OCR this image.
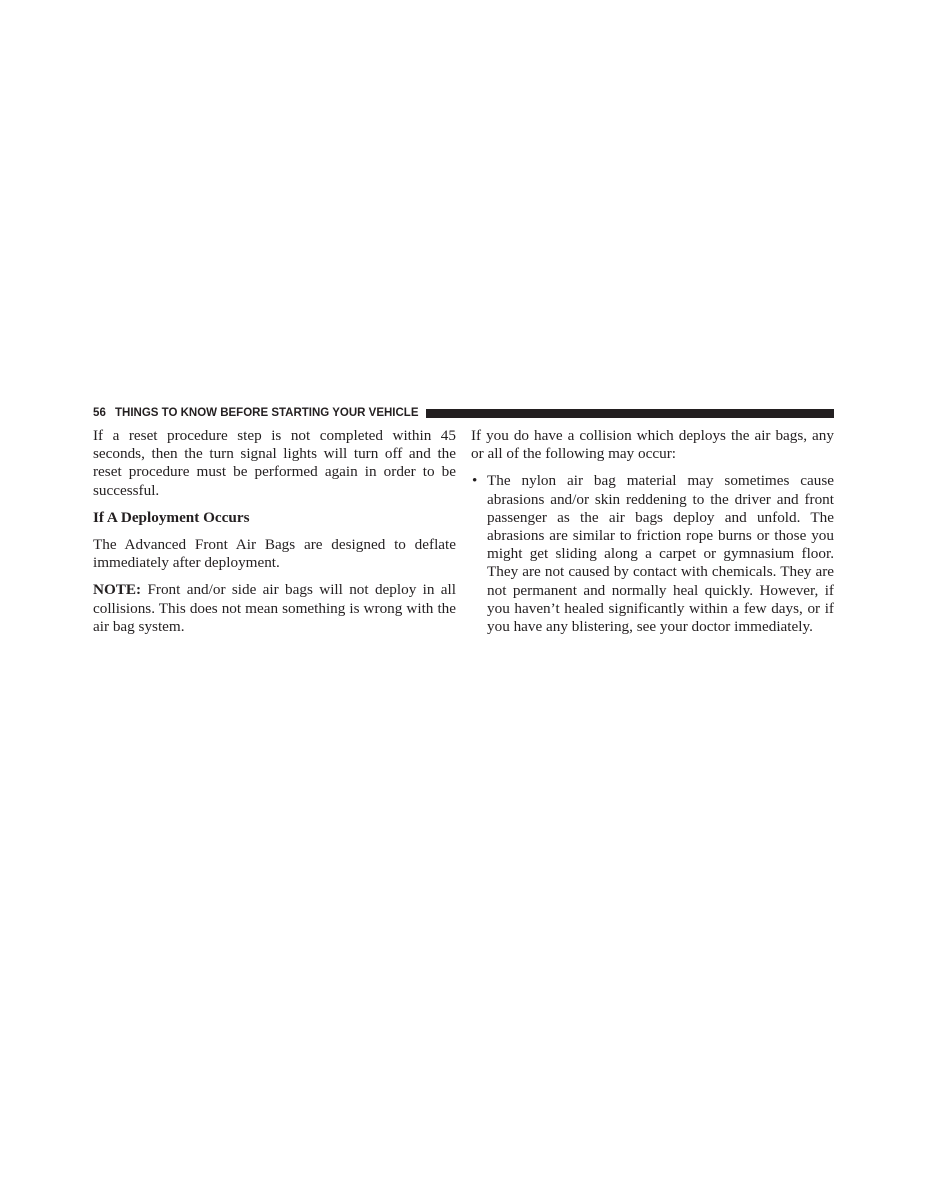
56 THINGS TO KNOW BEFORE STARTING YOUR VEHICLE

If a reset procedure step is not completed within 45 seconds, then the turn signal lights will turn off and the reset procedure must be performed again in order to be successful.

If A Deployment Occurs

The Advanced Front Air Bags are designed to deflate immediately after deployment.

NOTE: Front and/or side air bags will not deploy in all collisions. This does not mean something is wrong with the air bag system.

If you do have a collision which deploys the air bags, any or all of the following may occur:

• The nylon air bag material may sometimes cause abrasions and/or skin reddening to the driver and front passenger as the air bags deploy and unfold. The abrasions are similar to friction rope burns or those you might get sliding along a carpet or gymnasium floor. They are not caused by contact with chemicals. They are not permanent and normally heal quickly. However, if you haven’t healed significantly within a few days, or if you have any blistering, see your doctor immediately.
